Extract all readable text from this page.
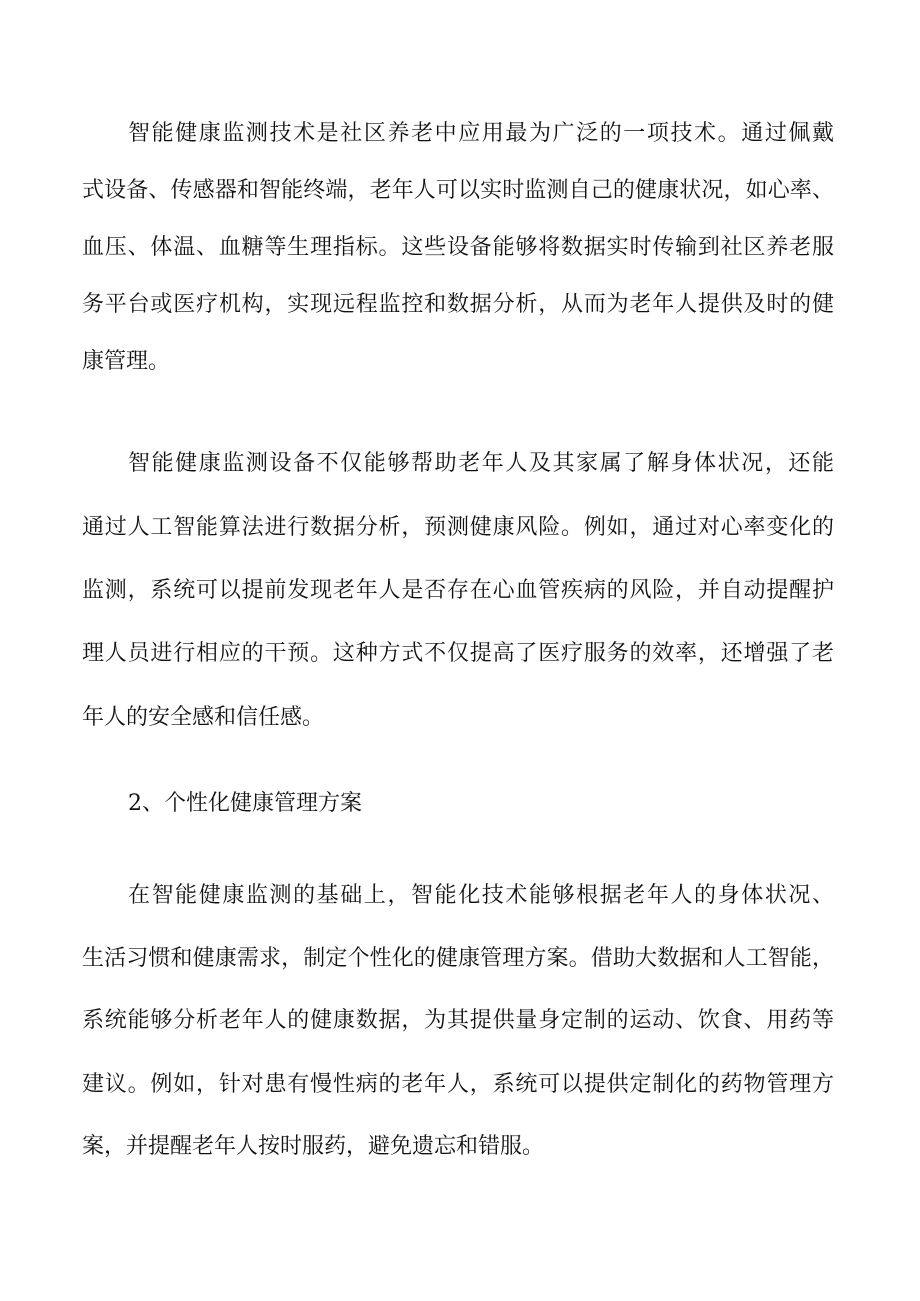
智能健康监测技术是社区养老中应用最为广泛的一项技术。通过佩戴
式设备、传感器和智能终端，老年人可以实时监测自己的健康状况，如心率、
血压、体温、血糖等生理指标。这些设备能够将数据实时传输到社区养老服
务平台或医疗机构，实现远程监控和数据分析，从而为老年人提供及时的健
康管理。
智能健康监测设备不仅能够帮助老年人及其家属了解身体状况，还能
通过人工智能算法进行数据分析，预测健康风险。例如，通过对心率变化的
监测，系统可以提前发现老年人是否存在心血管疾病的风险，并自动提醒护
理人员进行相应的干预。这种方式不仅提高了医疗服务的效率，还增强了老
年人的安全感和信任感。
2、个性化健康管理方案
在智能健康监测的基础上，智能化技术能够根据老年人的身体状况、
生活习惯和健康需求，制定个性化的健康管理方案。借助大数据和人工智能，
系统能够分析老年人的健康数据，为其提供量身定制的运动、饮食、用药等
建议。例如，针对患有慢性病的老年人，系统可以提供定制化的药物管理方
案，并提醒老年人按时服药，避免遗忘和错服。
